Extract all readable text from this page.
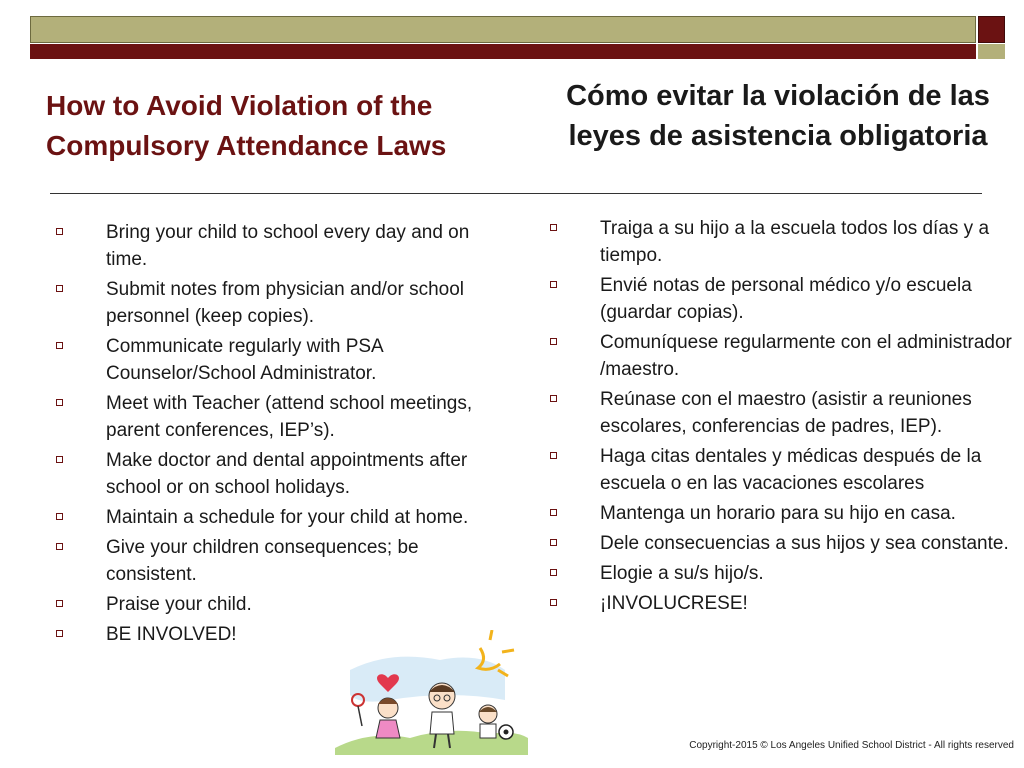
How to Avoid Violation of the Compulsory Attendance Laws
Cómo evitar la violación de las leyes de asistencia obligatoria
Bring your child to school every day and on time.
Submit notes from physician and/or school personnel (keep copies).
Communicate regularly with PSA Counselor/School Administrator.
Meet with Teacher (attend school meetings, parent conferences, IEP’s).
Make doctor and dental appointments after school or on school holidays.
Maintain a schedule for your child at home.
Give your children consequences; be consistent.
Praise your child.
BE INVOLVED!
Traiga a su hijo a la escuela todos los días y a tiempo.
Envié notas de personal médico y/o escuela (guardar copias).
Comuníquese regularmente con el administrador /maestro.
Reúnase con el maestro (asistir a reuniones escolares, conferencias de padres, IEP).
Haga citas dentales y médicas después de la escuela o en las vacaciones escolares
Mantenga un horario para su hijo en casa.
Dele consecuencias a sus hijos y sea constante.
Elogie a su/s hijo/s.
¡INVOLUCRESE!
Copyright-2015 © Los Angeles Unified School District - All rights reserved
